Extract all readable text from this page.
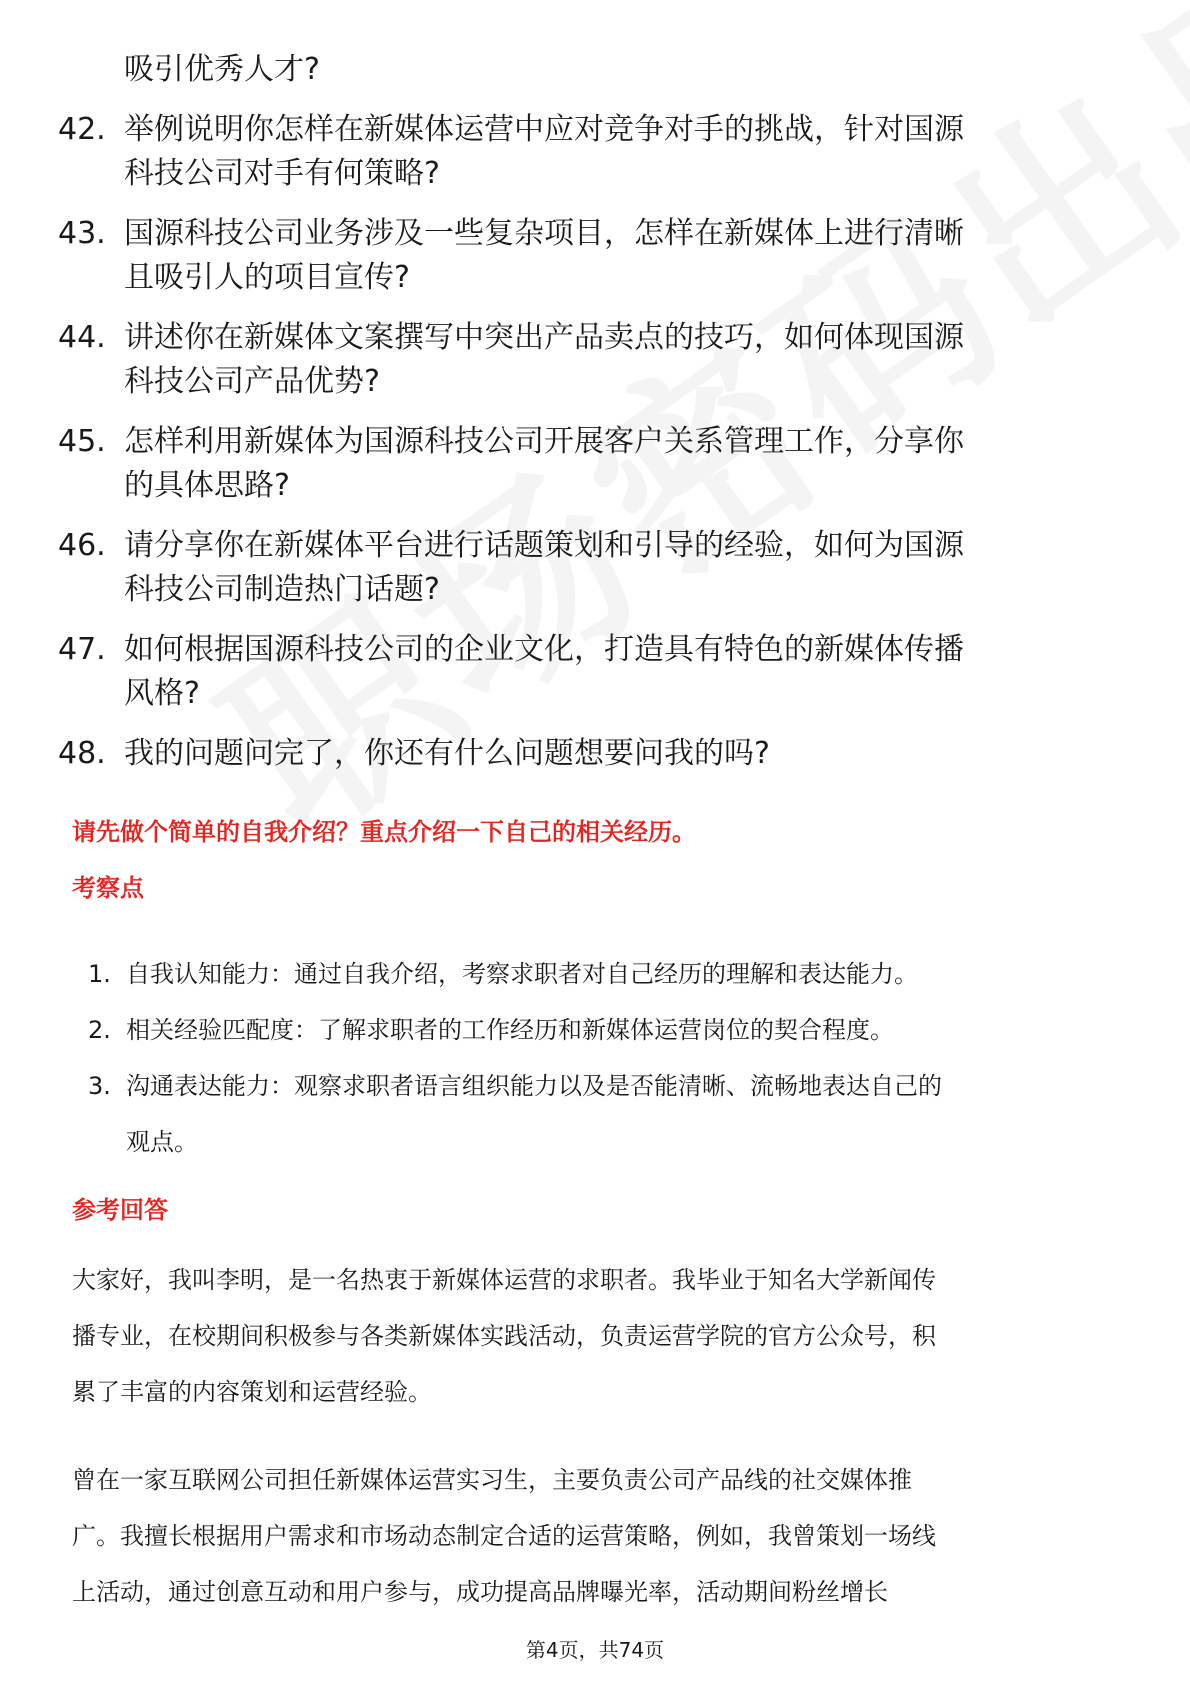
吸引优秀人才?
42. 举例说明你怎样在新媒体运营中应对竞争对手的挑战，针对国源
科技公司对手有何策略?
43. 国源科技公司业务涉及一些复杂项目，怎样在新媒体上进行清晰
且吸引人的项目宣传?
44. 讲述你在新媒体文案撰写中突出产品卖点的技巧，如何体现国源
科技公司产品优势?
45. 怎样利用新媒体为国源科技公司开展客户关系管理工作，分享你
的具体思路?
46. 请分享你在新媒体平台进行话题策划和引导的经验，如何为国源
科技公司制造热门话题?
47. 如何根据国源科技公司的企业文化，打造具有特色的新媒体传播
风格?
48. 我的问题问完了，你还有什么问题想要问我的吗?
请先做个简单的自我介绍？重点介绍一下自己的相关经历。
考察点
1. 自我认知能力：通过自我介绍，考察求职者对自己经历的理解和表达能力。
2. 相关经验匹配度：了解求职者的工作经历和新媒体运营岗位的契合程度。
3. 沟通表达能力：观察求职者语言组织能力以及是否能清晰、流畅地表达自己的
观点。
参考回答
大家好，我叫李明，是一名热衷于新媒体运营的求职者。我毕业于知名大学新闻传
播专业，在校期间积极参与各类新媒体实践活动，负责运营学院的官方公众号，积
累了丰富的内容策划和运营经验。
曾在一家互联网公司担任新媒体运营实习生，主要负责公司产品线的社交媒体推
广。我擅长根据用户需求和市场动态制定合适的运营策略，例如，我曾策划一场线
上活动，通过创意互动和用户参与，成功提高品牌曝光率，活动期间粉丝增长
第4页，共74页
